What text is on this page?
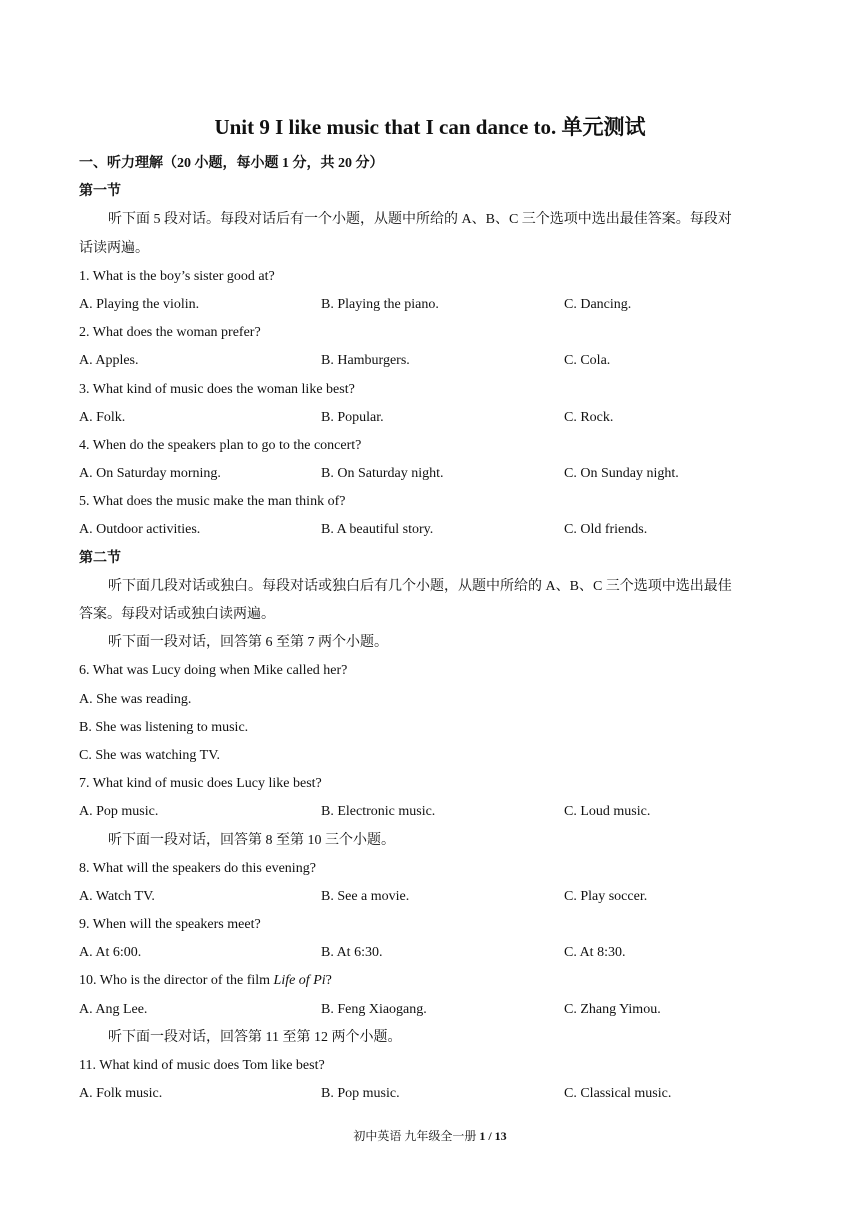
Unit 9 I like music that I can dance to. 单元测试
一、听力理解（20 小题，每小题 1 分，共 20 分）
第一节
听下面 5 段对话。每段对话后有一个小题，从题中所给的 A、B、C 三个选项中选出最佳答案。每段对
话读两遍。
1. What is the boy’s sister good at?
A. Playing the violin.	B. Playing the piano.	C. Dancing.
2. What does the woman prefer?
A. Apples.	B. Hamburgers.	C. Cola.
3. What kind of music does the woman like best?
A. Folk.	B. Popular.	C. Rock.
4. When do the speakers plan to go to the concert?
A. On Saturday morning.	B. On Saturday night.	C. On Sunday night.
5. What does the music make the man think of?
A. Outdoor activities.	B. A beautiful story.	C. Old friends.
第二节
听下面几段对话或独白。每段对话或独白后有几个小题，从题中所给的 A、B、C 三个选项中选出最佳
答案。每段对话或独白读两遍。
听下面一段对话，回答第 6 至第 7 两个小题。
6. What was Lucy doing when Mike called her?
A. She was reading.
B. She was listening to music.
C. She was watching TV.
7. What kind of music does Lucy like best?
A. Pop music.	B. Electronic music.	C. Loud music.
听下面一段对话，回答第 8 至第 10 三个小题。
8. What will the speakers do this evening?
A. Watch TV.	B. See a movie.	C. Play soccer.
9. When will the speakers meet?
A. At 6:00.	B. At 6:30.	C. At 8:30.
10. Who is the director of the film Life of Pi?
A. Ang Lee.	B. Feng Xiaogang.	C. Zhang Yimou.
听下面一段对话，回答第 11 至第 12 两个小题。
11. What kind of music does Tom like best?
A. Folk music.	B. Pop music.	C. Classical music.
初中英语 九年级全一册 1 / 13
